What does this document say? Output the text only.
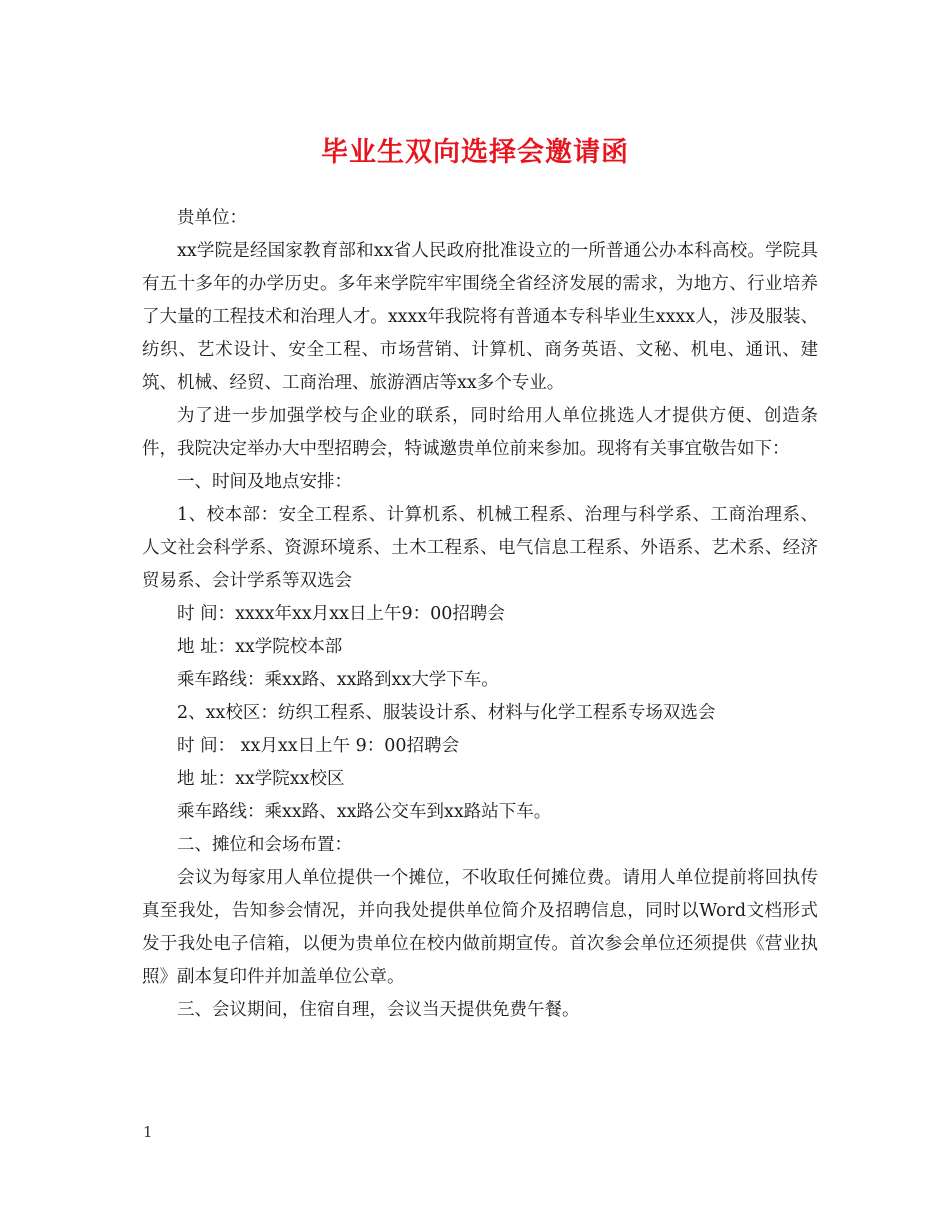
毕业生双向选择会邀请函

贵单位：

xx学院是经国家教育部和xx省人民政府批准设立的一所普通公办本科高校。学院具有五十多年的办学历史。多年来学院牢牢围绕全省经济发展的需求，为地方、行业培养了大量的工程技术和治理人才。xxxx年我院将有普通本专科毕业生xxxx人，涉及服装、纺织、艺术设计、安全工程、市场营销、计算机、商务英语、文秘、机电、通讯、建筑、机械、经贸、工商治理、旅游酒店等xx多个专业。

为了进一步加强学校与企业的联系，同时给用人单位挑选人才提供方便、创造条件，我院决定举办大中型招聘会，特诚邀贵单位前来参加。现将有关事宜敬告如下：

一、时间及地点安排：

1、校本部：安全工程系、计算机系、机械工程系、治理与科学系、工商治理系、人文社会科学系、资源环境系、土木工程系、电气信息工程系、外语系、艺术系、经济贸易系、会计学系等双选会

时 间：xxxx年xx月xx日上午9：00招聘会

地 址：xx学院校本部

乘车路线：乘xx路、xx路到xx大学下车。

2、xx校区：纺织工程系、服装设计系、材料与化学工程系专场双选会

时 间： xx月xx日上午 9：00招聘会

地 址：xx学院xx校区

乘车路线：乘xx路、xx路公交车到xx路站下车。

二、摊位和会场布置：

会议为每家用人单位提供一个摊位，不收取任何摊位费。请用人单位提前将回执传真至我处，告知参会情况，并向我处提供单位简介及招聘信息，同时以Word文档形式发于我处电子信箱，以便为贵单位在校内做前期宣传。首次参会单位还须提供《营业执照》副本复印件并加盖单位公章。

三、会议期间，住宿自理，会议当天提供免费午餐。

1
